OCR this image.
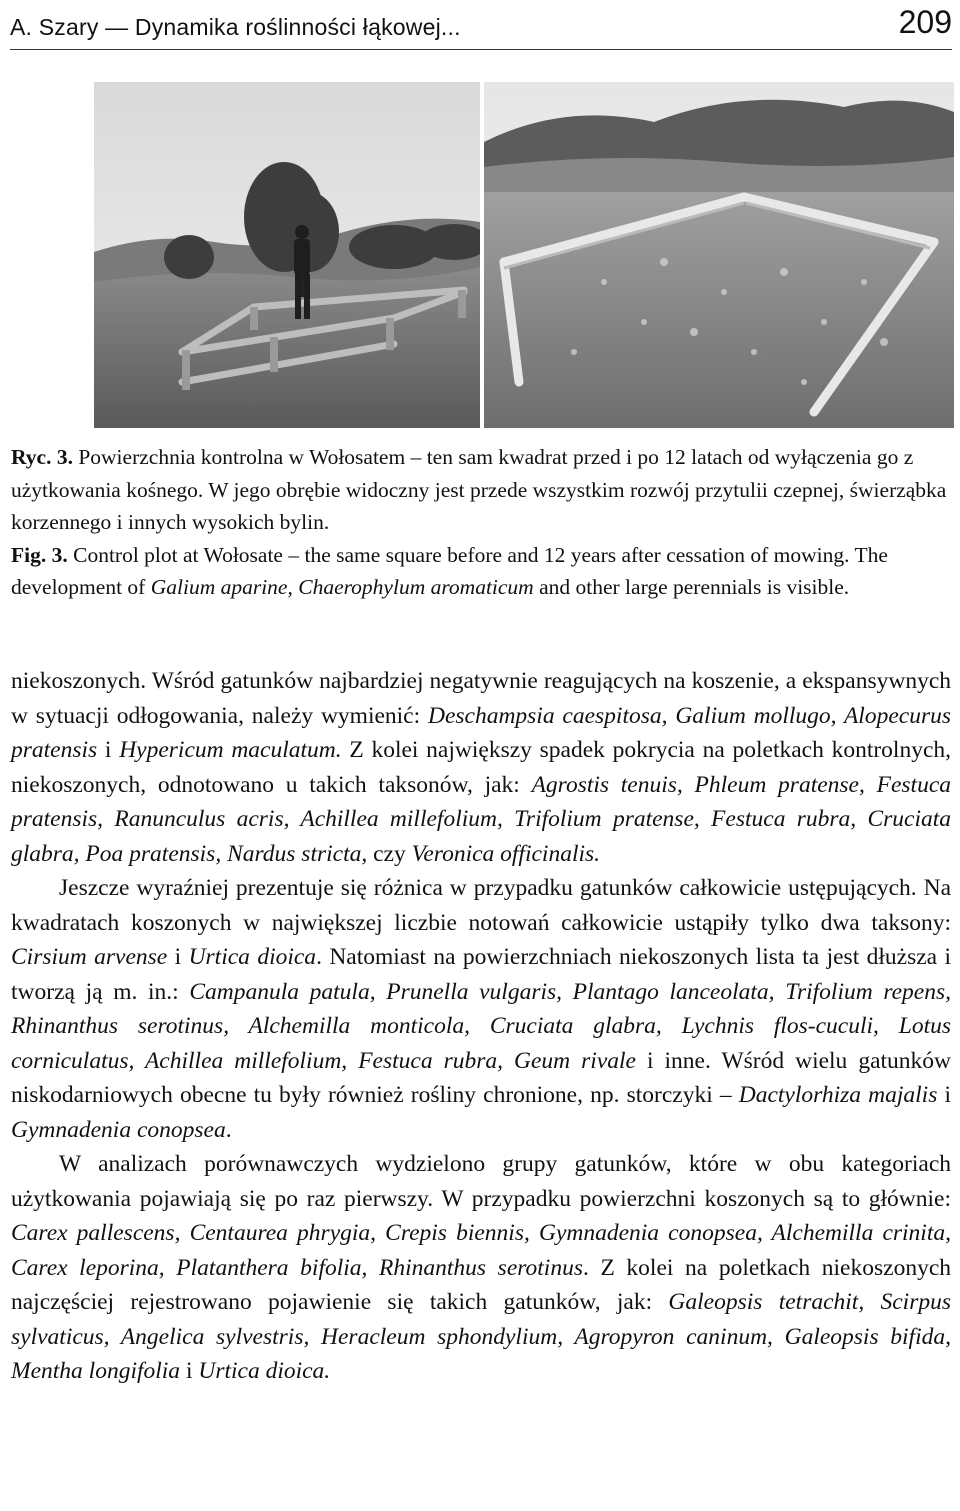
A. Szary — Dynamika roślinności łąkowej...	209

Ryc. 3. Powierzchnia kontrolna w Wołosatem – ten sam kwadrat przed i po 12 latach od wyłączenia go z użytkowania kośnego. W jego obrębie widoczny jest przede wszystkim rozwój przytulii czepnej, świerząbka korzennego i innych wysokich bylin.

Fig. 3. Control plot at Wołosate – the same square before and 12 years after cessation of mowing. The development of Galium aparine, Chaerophylum aromaticum and other large perennials is visible.

niekoszonych. Wśród gatunków najbardziej negatywnie reagujących na koszenie, a ekspansywnych w sytuacji odłogowania, należy wymienić: Deschampsia caespitosa, Galium mollugo, Alopecurus pratensis i Hypericum maculatum. Z kolei największy spadek pokrycia na poletkach kontrolnych, niekoszonych, odnotowano u takich taksonów, jak: Agrostis tenuis, Phleum pratense, Festuca pratensis, Ranunculus acris, Achillea millefolium, Trifolium pratense, Festuca rubra, Cruciata glabra, Poa pratensis, Nardus stricta, czy Veronica officinalis.

Jeszcze wyraźniej prezentuje się różnica w przypadku gatunków całkowicie ustępujących. Na kwadratach koszonych w największej liczbie notowań całkowicie ustąpiły tylko dwa taksony: Cirsium arvense i Urtica dioica. Natomiast na powierzchniach niekoszonych lista ta jest dłuższa i tworzą ją m. in.: Campanula patula, Prunella vulgaris, Plantago lanceolata, Trifolium repens, Rhinanthus serotinus, Alchemilla monticola, Cruciata glabra, Lychnis flos-cuculi, Lotus corniculatus, Achillea millefolium, Festuca rubra, Geum rivale i inne. Wśród wielu gatunków niskodarniowych obecne tu były również rośliny chronione, np. storczyki – Dactylorhiza majalis i Gymnadenia conopsea.

W analizach porównawczych wydzielono grupy gatunków, które w obu kategoriach użytkowania pojawiają się po raz pierwszy. W przypadku powierzchni koszonych są to głównie: Carex pallescens, Centaurea phrygia, Crepis biennis, Gymnadenia conopsea, Alchemilla crinita, Carex leporina, Platanthera bifolia, Rhinanthus serotinus. Z kolei na poletkach niekoszonych najczęściej rejestrowano pojawienie się takich gatunków, jak: Galeopsis tetrachit, Scirpus sylvaticus, Angelica sylvestris, Heracleum sphondylium, Agropyron caninum, Galeopsis bifida, Mentha longifolia i Urtica dioica.
